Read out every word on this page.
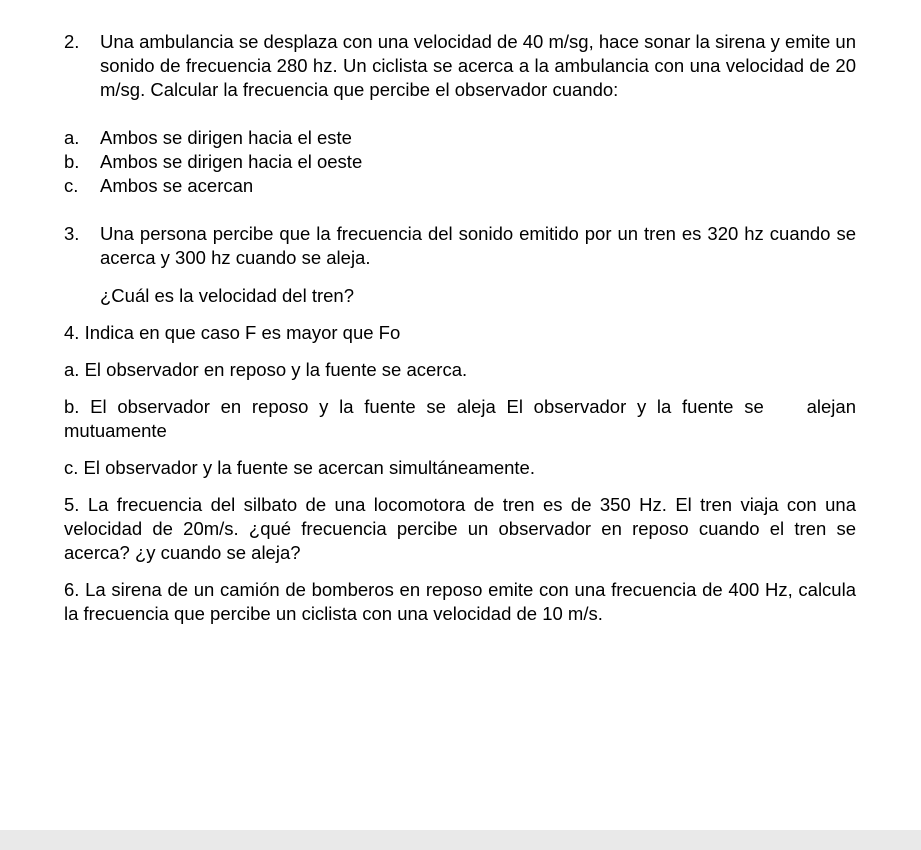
2.	Una ambulancia se desplaza con una velocidad de 40 m/sg, hace sonar la sirena y emite un sonido de frecuencia 280 hz. Un ciclista se acerca a la ambulancia con una velocidad de 20 m/sg. Calcular la frecuencia que percibe el observador cuando:
a.	Ambos se dirigen hacia el este
b.	Ambos se dirigen hacia el oeste
c.	Ambos se acercan
3.	Una persona percibe que la frecuencia del sonido emitido por un tren es 320 hz cuando se acerca y 300 hz cuando se aleja.
¿Cuál es la velocidad del tren?
4. Indica en que caso F es mayor que Fo
a. El observador en reposo y la fuente se acerca.
b. El observador en reposo y la fuente se aleja El observador y la fuente se    alejan mutuamente
c. El observador y la fuente se acercan simultáneamente.
5. La frecuencia del silbato de una locomotora de tren es de 350 Hz. El tren viaja con una velocidad de 20m/s. ¿qué frecuencia percibe un observador en reposo cuando el tren se acerca? ¿y cuando se aleja?
6. La sirena de un camión de bomberos en reposo emite con una frecuencia de 400 Hz, calcula la frecuencia que percibe un ciclista con una velocidad de 10 m/s.
